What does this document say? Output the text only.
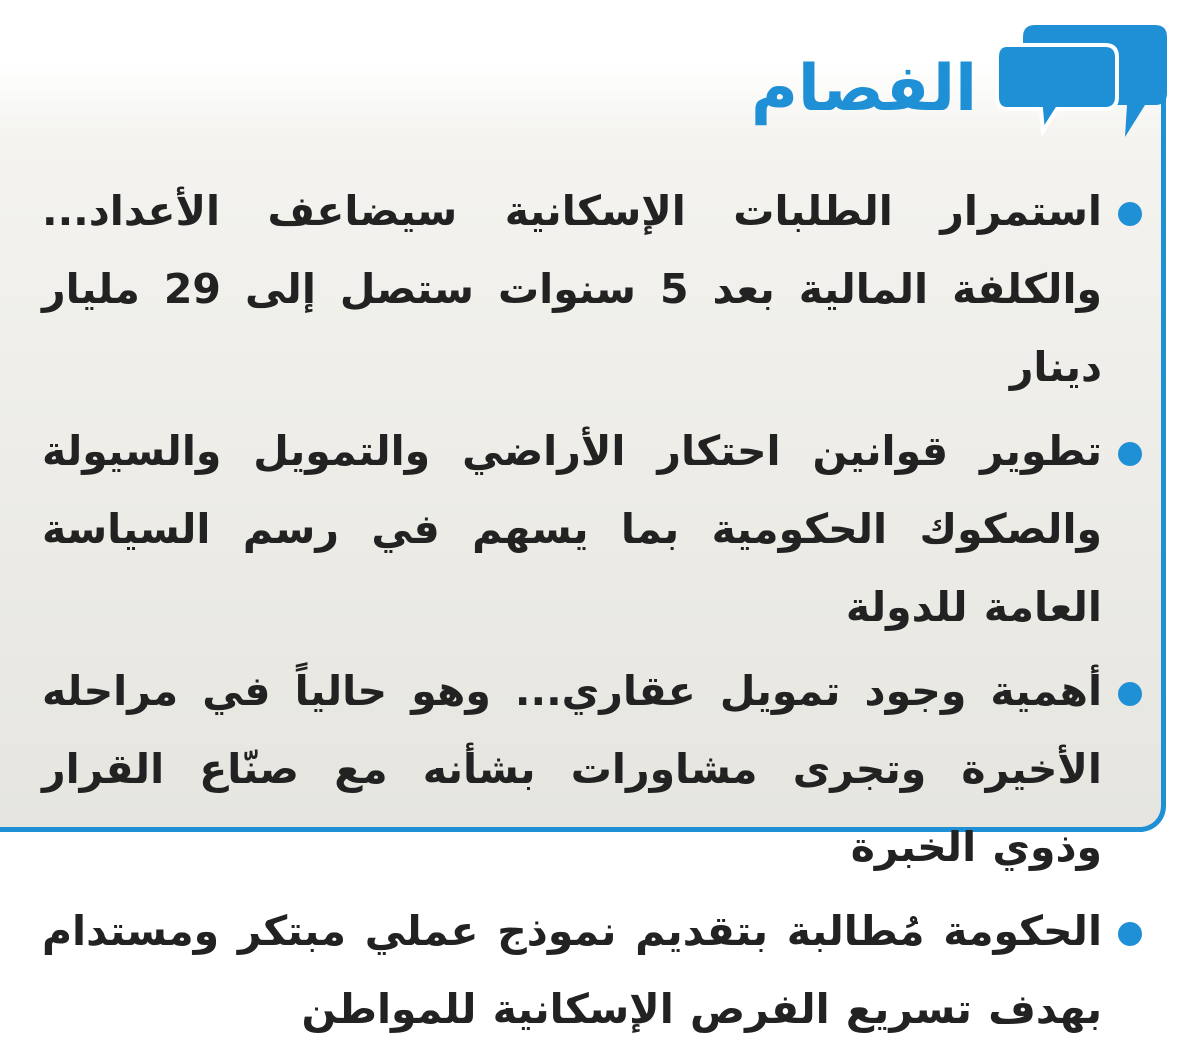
الفصام
استمرار الطلبات الإسكانية سيضاعف الأعداد... والكلفة المالية بعد 5 سنوات ستصل إلى 29 مليار دينار
تطوير قوانين احتكار الأراضي والتمويل والسيولة والصكوك الحكومية بما يسهم في رسم السياسة العامة للدولة
أهمية وجود تمويل عقاري... وهو حالياً في مراحله الأخيرة وتجرى مشاورات بشأنه مع صنّاع القرار وذوي الخبرة
الحكومة مُطالبة بتقديم نموذج عملي مبتكر ومستدام بهدف تسريع الفرص الإسكانية للمواطن
